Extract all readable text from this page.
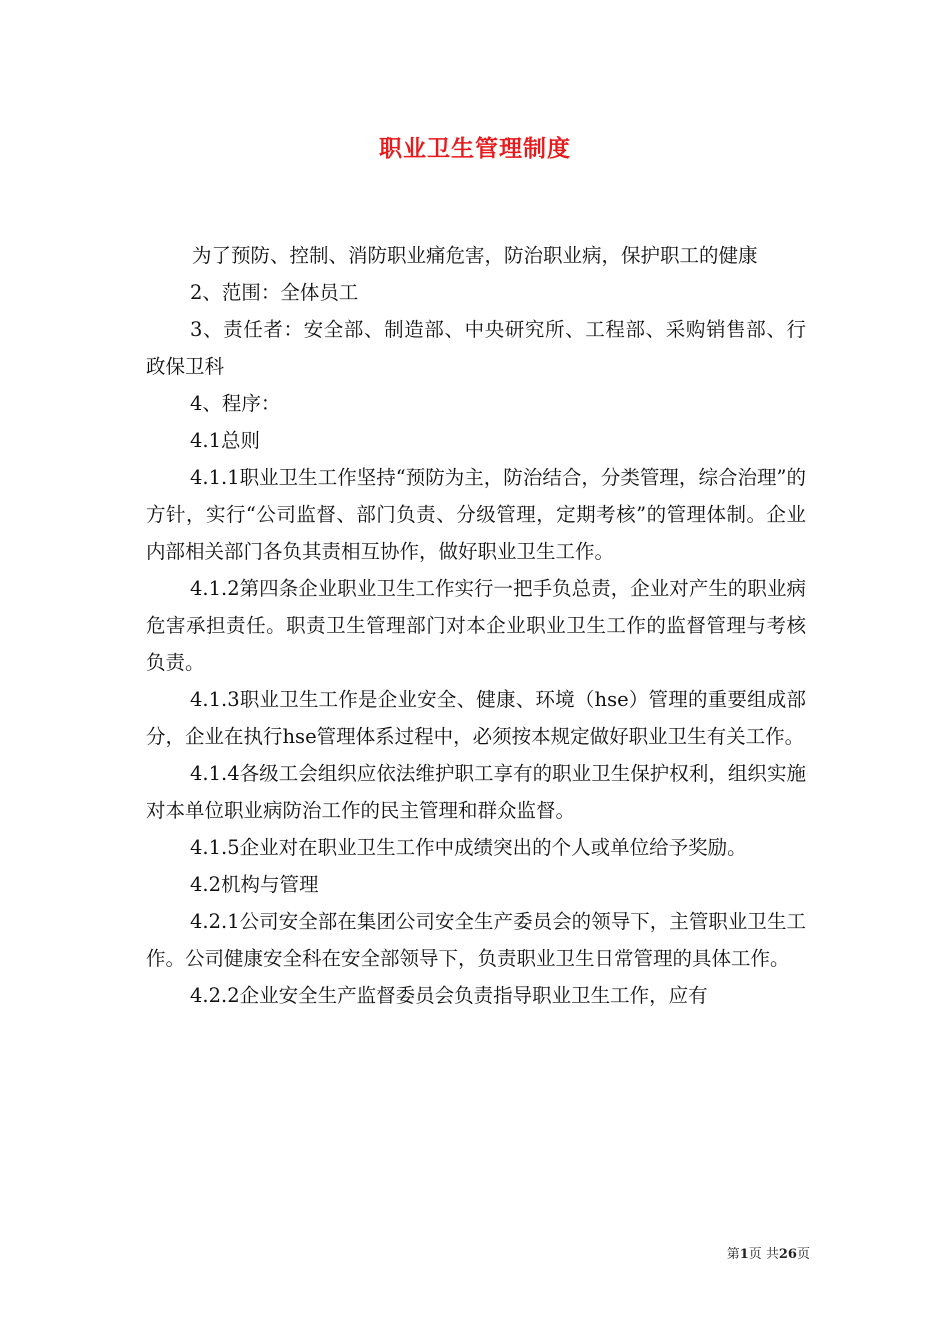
职业卫生管理制度

为了预防、控制、消防职业痛危害，防治职业病，保护职工的健康

2、范围：全体员工

3、责任者：安全部、制造部、中央研究所、工程部、采购销售部、行政保卫科

4、程序：

4.1总则

4.1.1职业卫生工作坚持“预防为主，防治结合，分类管理，综合治理”的方针，实行“公司监督、部门负责、分级管理，定期考核”的管理体制。企业内部相关部门各负其责相互协作，做好职业卫生工作。

4.1.2第四条企业职业卫生工作实行一把手负总责，企业对产生的职业病危害承担责任。职责卫生管理部门对本企业职业卫生工作的监督管理与考核负责。

4.1.3职业卫生工作是企业安全、健康、环境（hse）管理的重要组成部分，企业在执行hse管理体系过程中，必须按本规定做好职业卫生有关工作。

4.1.4各级工会组织应依法维护职工享有的职业卫生保护权利，组织实施对本单位职业病防治工作的民主管理和群众监督。

4.1.5企业对在职业卫生工作中成绩突出的个人或单位给予奖励。

4.2机构与管理

4.2.1公司安全部在集团公司安全生产委员会的领导下，主管职业卫生工作。公司健康安全科在安全部领导下，负责职业卫生日常管理的具体工作。

4.2.2企业安全生产监督委员会负责指导职业卫生工作，应有

第1页 共26页
